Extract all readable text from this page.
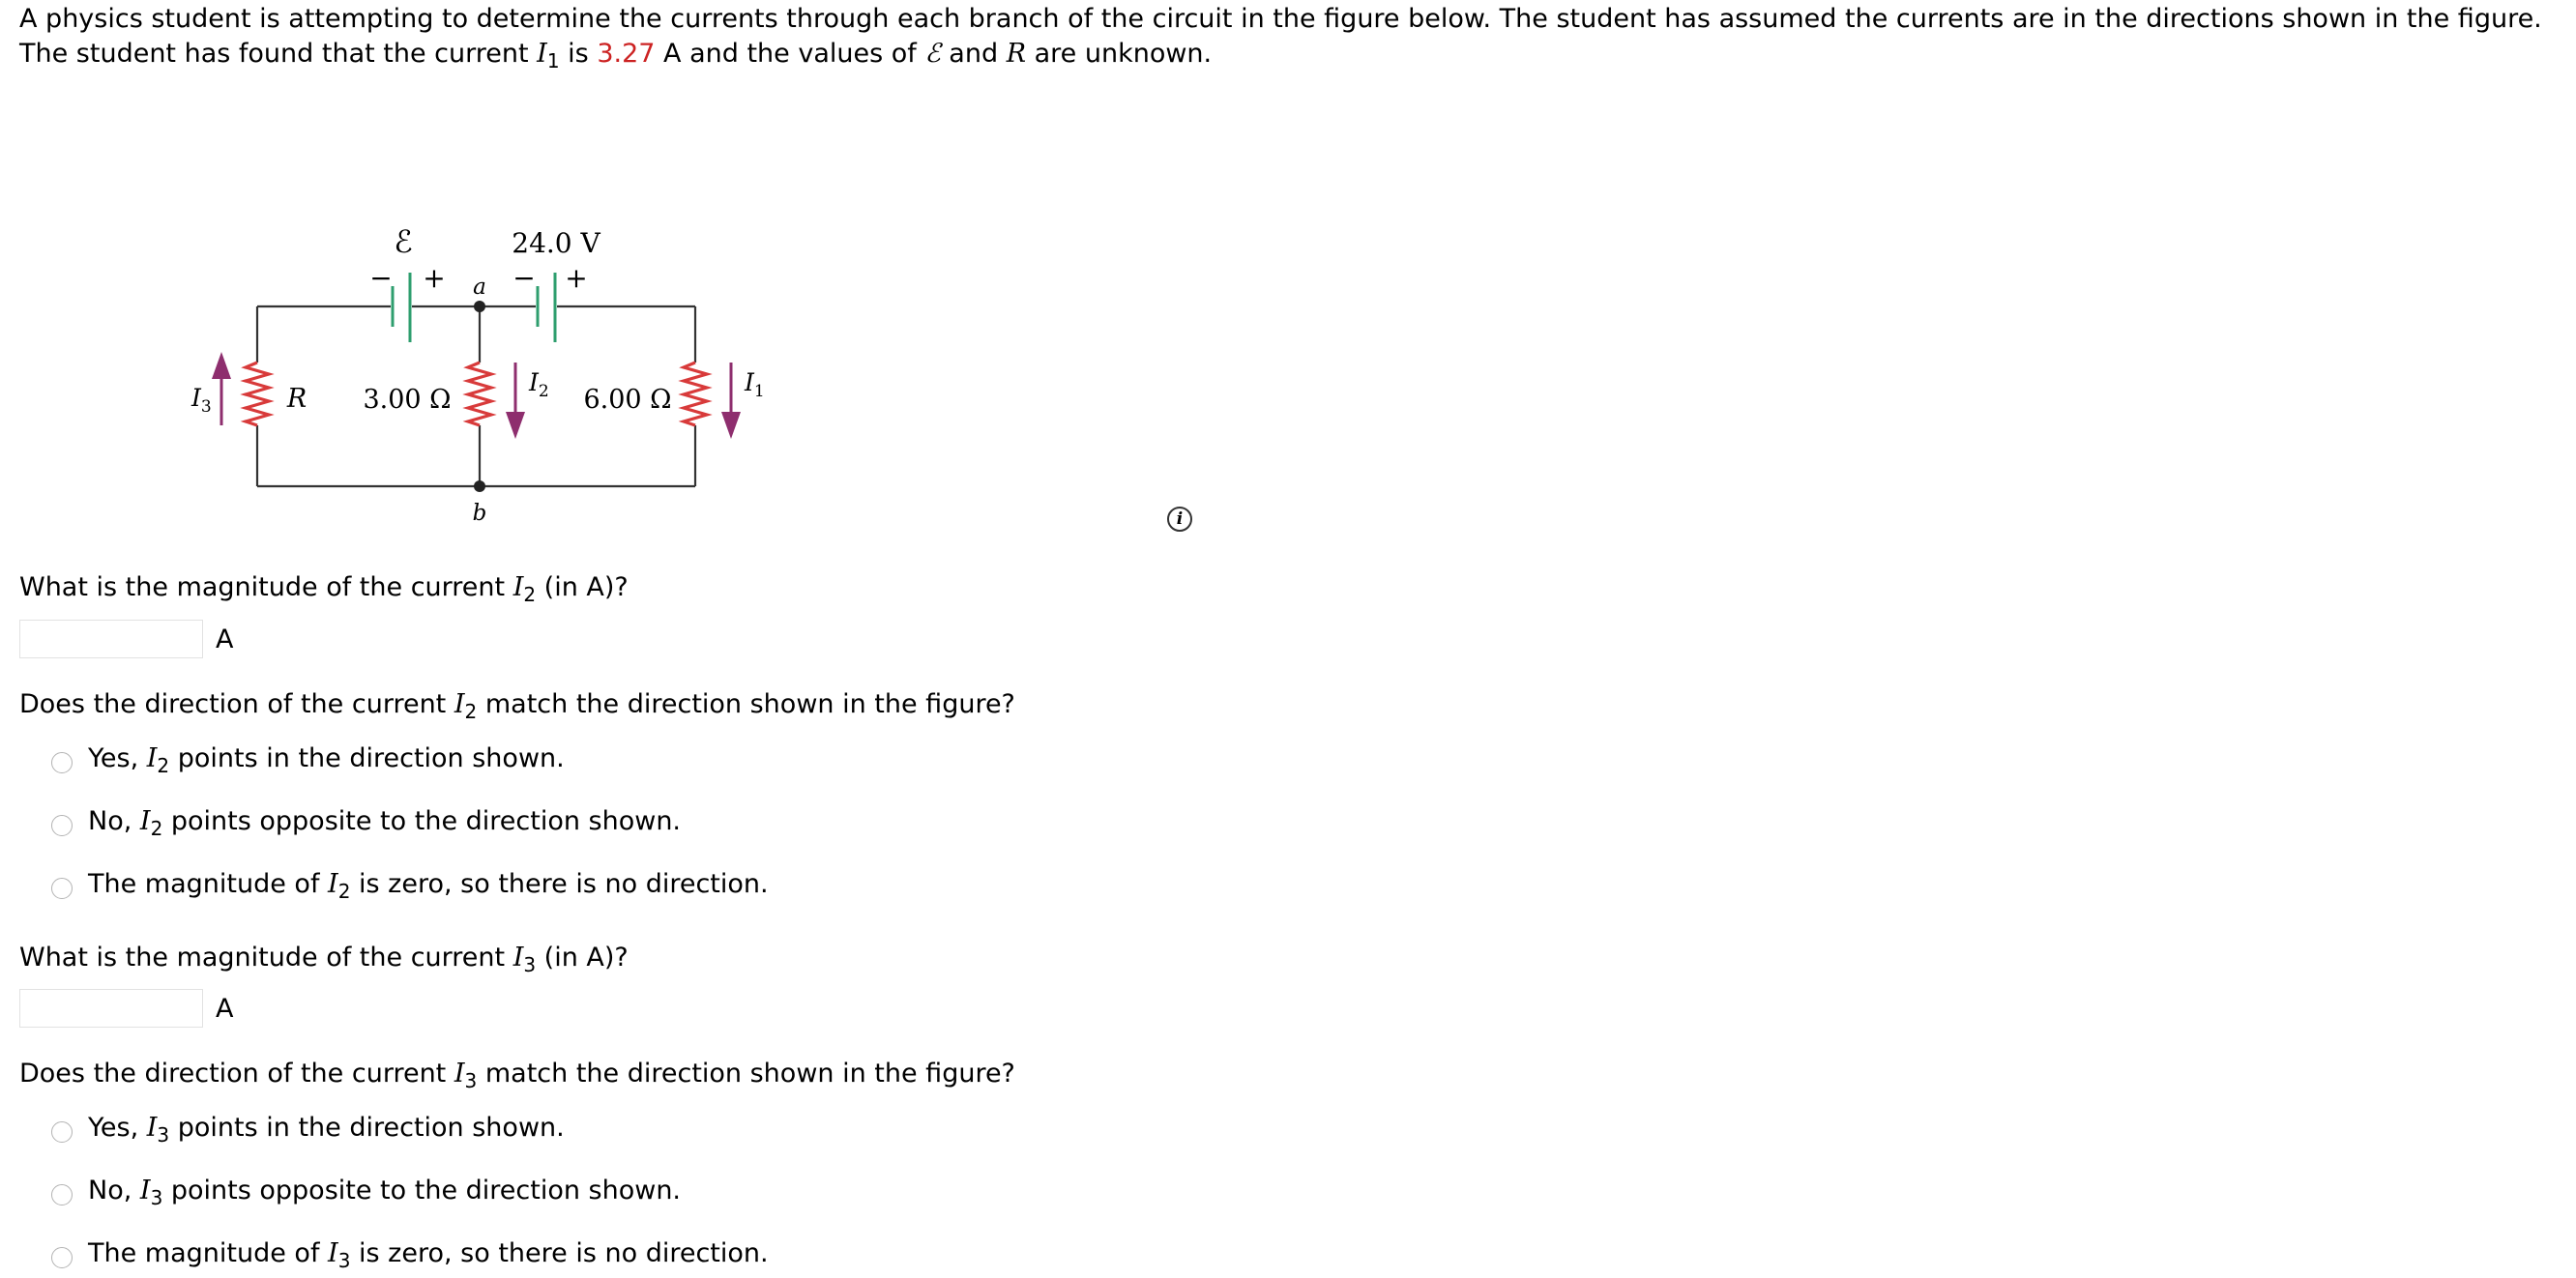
A physics student is attempting to determine the currents through each branch of the circuit in the figure below. The student has assumed the currents are in the directions shown in the figure. The student has found that the current $I_1$ is 3.27 A and the values of ℰ and R are unknown.
ℰ	24.0 V
− + − +
a
b
R 3.00 Ω	6.00 Ω
$I_3$
$I_2$	$I_1$
i
What is the magnitude of the current $I_2$ (in A)?
A
Does the direction of the current $I_2$ match the direction shown in the figure?
Yes, $I_2$ points in the direction shown.
No, $I_2$ points opposite to the direction shown.
The magnitude of $I_2$ is zero, so there is no direction.
What is the magnitude of the current $I_3$ (in A)?
A
Does the direction of the current $I_3$ match the direction shown in the figure?
Yes, $I_3$ points in the direction shown.
No, $I_3$ points opposite to the direction shown.
The magnitude of $I_3$ is zero, so there is no direction.
